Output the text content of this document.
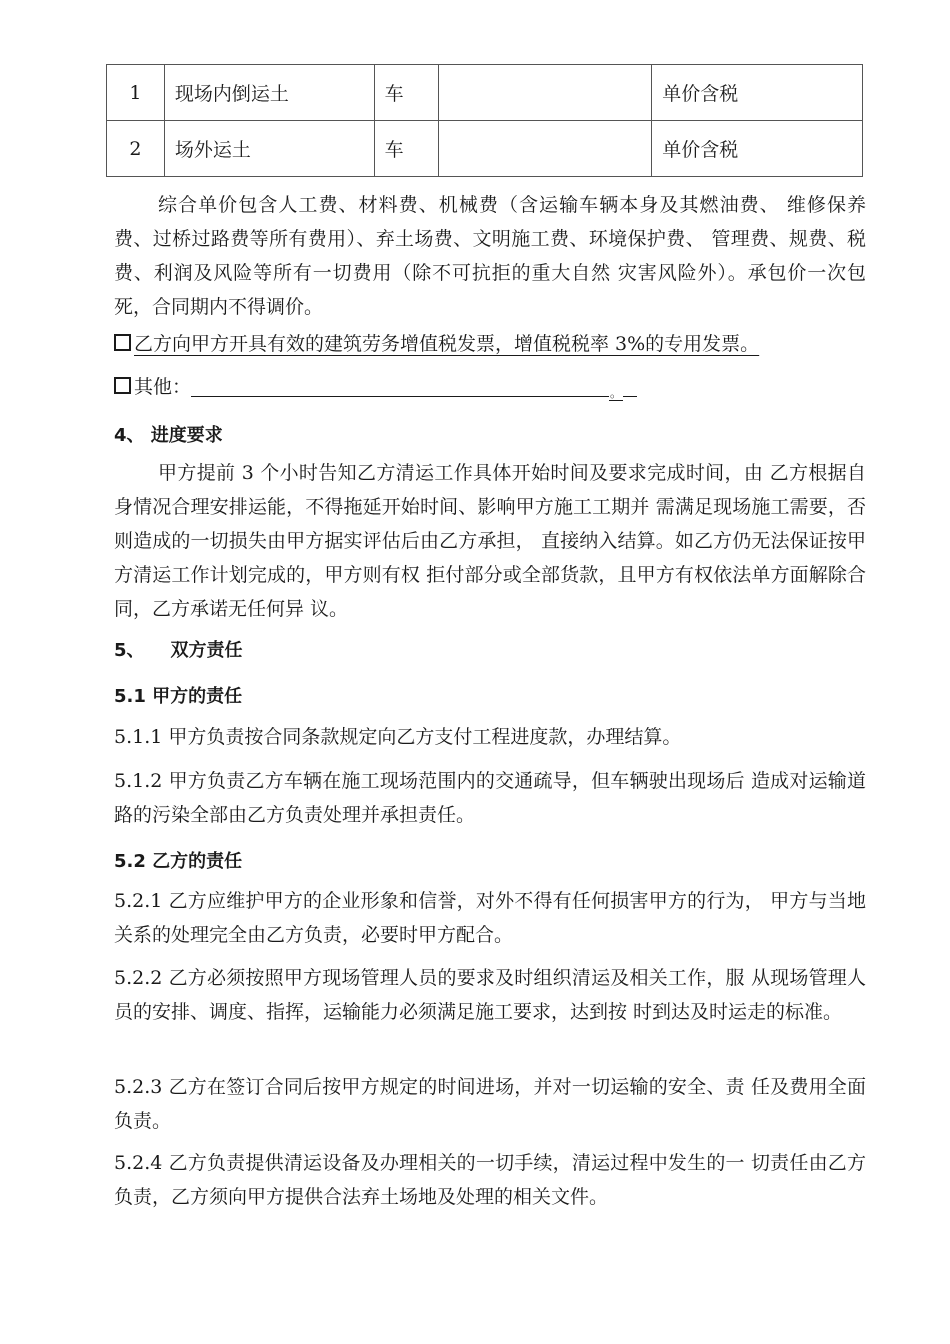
1	现场内倒运土	车		单价含税
2	场外运土	车		单价含税

综合单价包含人工费、材料费、机械费（含运输车辆本身及其燃油费、 维修保养费、过桥过路费等所有费用）、弃土场费、文明施工费、环境保护费、 管理费、规费、税费、利润及风险等所有一切费用（除不可抗拒的重大自然 灾害风险外）。承包价一次包死，合同期内不得调价。

乙方向甲方开具有效的建筑劳务增值税发票，增值税税率 3%的专用发票。
其他：	。
4、 进度要求

甲方提前 3 个小时告知乙方清运工作具体开始时间及要求完成时间，由 乙方根据自身情况合理安排运能，不得拖延开始时间、影响甲方施工工期并 需满足现场施工需要，否则造成的一切损失由甲方据实评估后由乙方承担， 直接纳入结算。如乙方仍无法保证按甲方清运工作计划完成的，甲方则有权 拒付部分或全部货款，且甲方有权依法单方面解除合同，乙方承诺无任何异 议。

5、 双方责任
5.1 甲方的责任

5.1.1 甲方负责按合同条款规定向乙方支付工程进度款，办理结算。

5.1.2 甲方负责乙方车辆在施工现场范围内的交通疏导，但车辆驶出现场后 造成对运输道路的污染全部由乙方负责处理并承担责任。

5.2 乙方的责任

5.2.1 乙方应维护甲方的企业形象和信誉，对外不得有任何损害甲方的行为， 甲方与当地关系的处理完全由乙方负责，必要时甲方配合。

5.2.2 乙方必须按照甲方现场管理人员的要求及时组织清运及相关工作，服 从现场管理人员的安排、调度、指挥，运输能力必须满足施工要求，达到按 时到达及时运走的标准。

5.2.3 乙方在签订合同后按甲方规定的时间进场，并对一切运输的安全、责 任及费用全面负责。

5.2.4 乙方负责提供清运设备及办理相关的一切手续，清运过程中发生的一 切责任由乙方负责，乙方须向甲方提供合法弃土场地及处理的相关文件。
